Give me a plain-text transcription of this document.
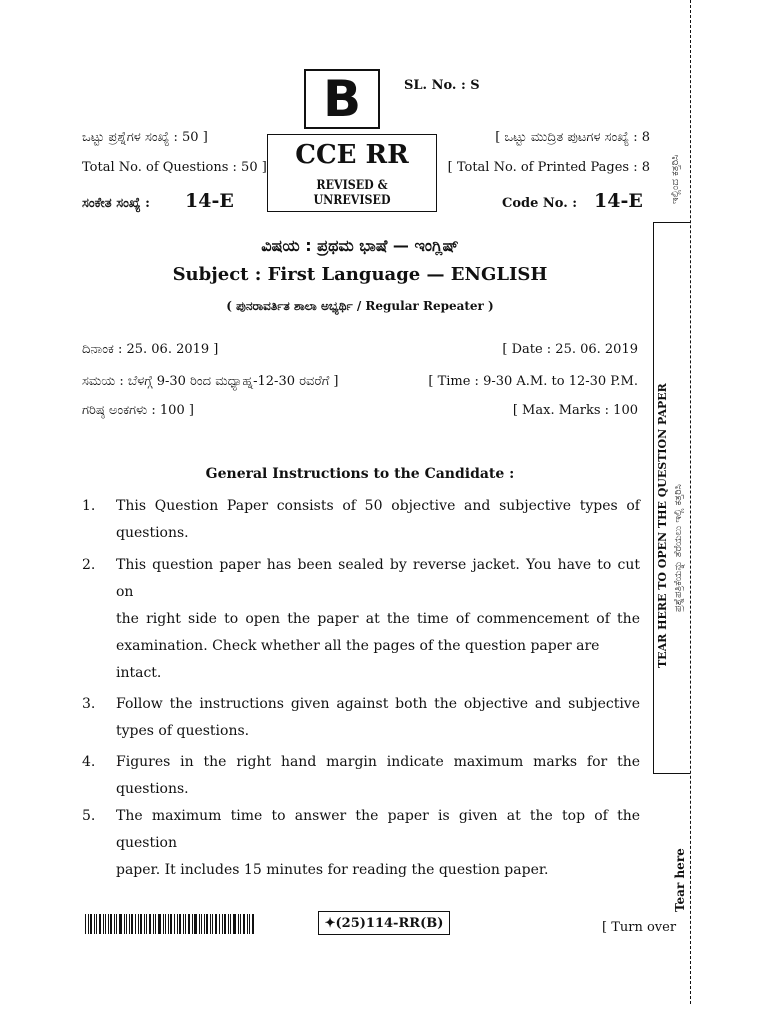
B	SL. No. : S
CCE RR
REVISED & UNREVISED
ಒಟ್ಟು ಪ್ರಶ್ನೆಗಳ ಸಂಖ್ಯೆ : 50 ]
Total No. of Questions : 50 ]
ಸಂಕೇತ ಸಂಖ್ಯೆ : 14-E
[ ಒಟ್ಟು ಮುದ್ರಿತ ಪುಟಗಳ ಸಂಖ್ಯೆ : 8
[ Total No. of Printed Pages : 8
Code No. : 14-E
ವಿಷಯ : ಪ್ರಥಮ ಭಾಷೆ — ಇಂಗ್ಲಿಷ್
Subject : First Language — ENGLISH
( ಪುನರಾವರ್ತಿತ ಶಾಲಾ ಅಭ್ಯರ್ಥಿ / Regular Repeater )
ದಿನಾಂಕ : 25. 06. 2019 ]	[ Date : 25. 06. 2019
ಸಮಯ : ಬೆಳಗ್ಗೆ 9-30 ರಿಂದ ಮಧ್ಯಾಹ್ನ-12-30 ರವರೆಗೆ ]	[ Time : 9-30 A.M. to 12-30 P.M.
ಗರಿಷ್ಠ ಅಂಕಗಳು : 100 ]	[ Max. Marks : 100
General Instructions to the Candidate :
1.	This Question Paper consists of 50 objective and subjective types of
questions.
2.	This question paper has been sealed by reverse jacket. You have to cut on
the right side to open the paper at the time of commencement of the
examination. Check whether all the pages of the question paper are intact.
3.	Follow the instructions given against both the objective and subjective
types of questions.
4.	Figures in the right hand margin indicate maximum marks for the
questions.
5.	The maximum time to answer the paper is given at the top of the question
paper. It includes 15 minutes for reading the question paper.
TEAR HERE TO OPEN THE QUESTION PAPER ಪ್ರಶ್ನೆಪತ್ರಿಕೆಯನ್ನು ತೆರೆಯಲು ಇಲ್ಲಿ ಕತ್ತರಿಸಿ
ಇಲ್ಲಿಂದ ಕತ್ತರಿಸಿ
Tear here
✦(25)114-RR(B)	[ Turn over
